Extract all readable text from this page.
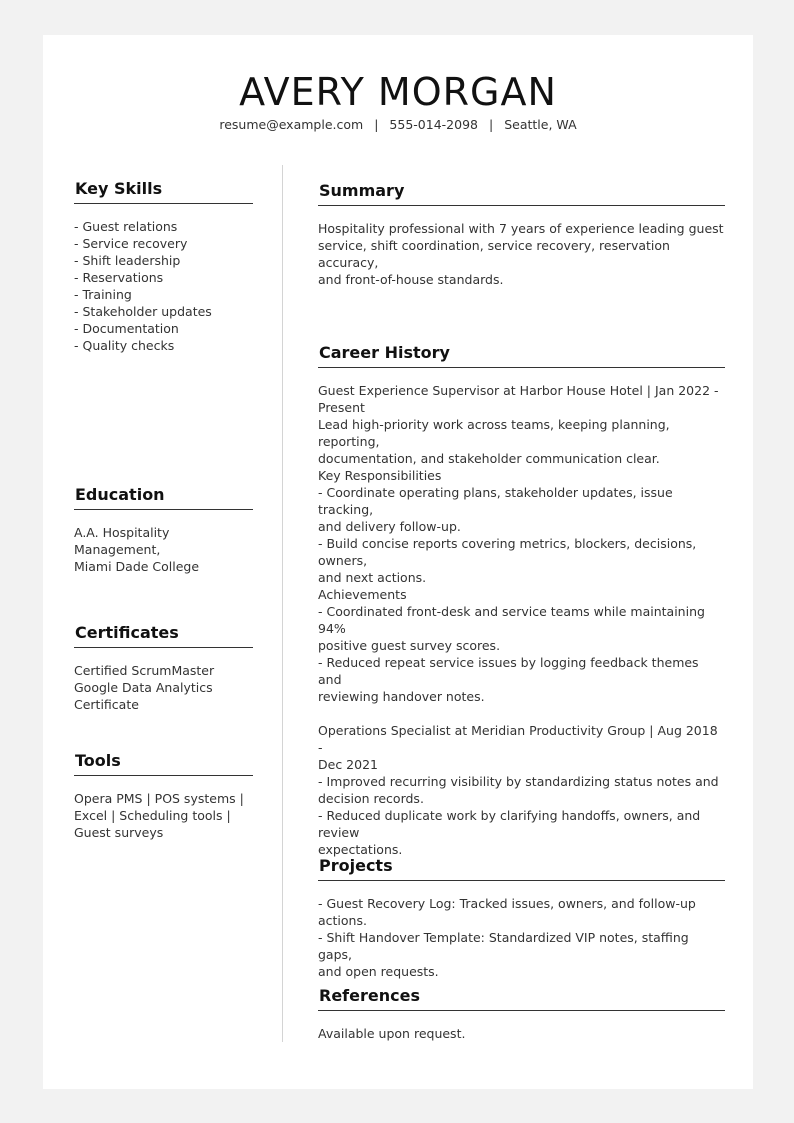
AVERY MORGAN
resume@example.com | 555-014-2098 | Seattle, WA
Key Skills
- Guest relations
- Service recovery
- Shift leadership
- Reservations
- Training
- Stakeholder updates
- Documentation
- Quality checks
Education
A.A. Hospitality Management,
Miami Dade College
Certificates
Certified ScrumMaster
Google Data Analytics
Certificate
Tools
Opera PMS | POS systems |
Excel | Scheduling tools |
Guest surveys
Summary
Hospitality professional with 7 years of experience leading guest
service, shift coordination, service recovery, reservation accuracy,
and front-of-house standards.
Career History
Guest Experience Supervisor at Harbor House Hotel | Jan 2022 -
Present
Lead high-priority work across teams, keeping planning, reporting,
documentation, and stakeholder communication clear.
Key Responsibilities
- Coordinate operating plans, stakeholder updates, issue tracking,
and delivery follow-up.
- Build concise reports covering metrics, blockers, decisions, owners,
and next actions.
Achievements
- Coordinated front-desk and service teams while maintaining 94%
positive guest survey scores.
- Reduced repeat service issues by logging feedback themes and
reviewing handover notes.
Operations Specialist at Meridian Productivity Group | Aug 2018 -
Dec 2021
- Improved recurring visibility by standardizing status notes and
decision records.
- Reduced duplicate work by clarifying handoffs, owners, and review
expectations.
Projects
- Guest Recovery Log: Tracked issues, owners, and follow-up
actions.
- Shift Handover Template: Standardized VIP notes, staffing gaps,
and open requests.
References
Available upon request.
